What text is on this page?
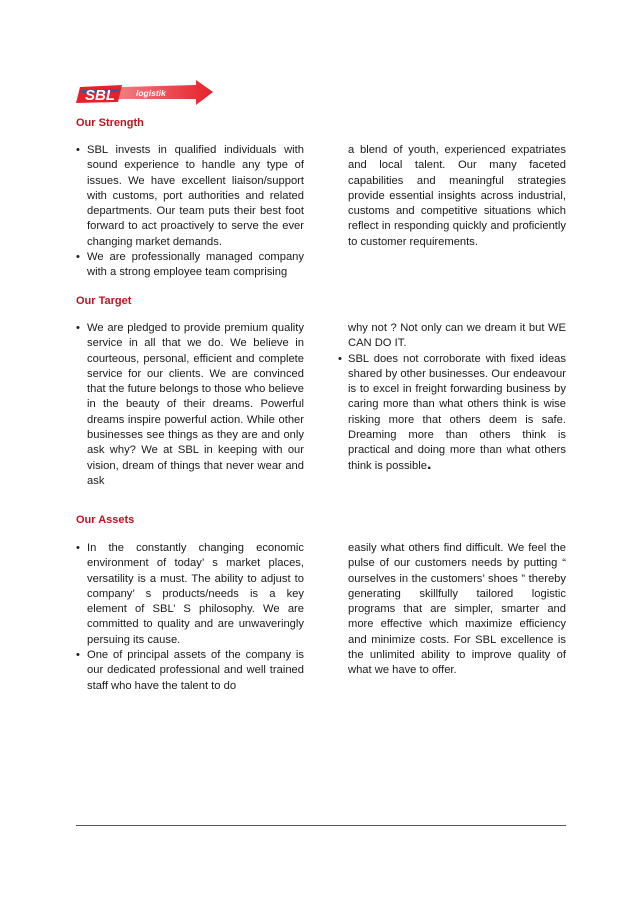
SBL logistik
Our Strength

• SBL invests in qualified individuals with sound experience to handle any type of issues. We have excellent liaison/support with customs, port authorities and related departments. Our team puts their best foot forward to act proactively to serve the ever changing market demands.

• We are professionally managed company with a strong employee team comprising

a blend of youth, experienced expatriates and local talent. Our many faceted capabilities and meaningful strategies provide essential insights across industrial, customs and competitive situations which reflect in responding quickly and proficiently to customer requirements.

Our Target

• We are pledged to provide premium quality service in all that we do. We believe in courteous, personal, efficient and complete service for our clients. We are convinced that the future belongs to those who believe in the beauty of their dreams. Powerful dreams inspire powerful action. While other businesses see things as they are and only ask why? We at SBL in keeping with our vision, dream of things that never wear and ask

why not ? Not only can we dream it but WE CAN DO IT.

• SBL does not corroborate with fixed ideas shared by other businesses. Our endeavour is to excel in freight forwarding business by caring more than what others think is wise risking more that others deem is safe. Dreaming more than others think is practical and doing more than what others think is possible.

Our Assets

• In the constantly changing economic environment of today’ s market places, versatility is a must. The ability to adjust to company’ s products/needs is a key element of SBL’ S philosophy. We are committed to quality and are unwaveringly persuing its cause.

• One of principal assets of the company is our dedicated professional and well trained staff who have the talent to do

easily what others find difficult. We feel the pulse of our customers needs by putting “ ourselves in the customers’ shoes ” thereby generating skillfully tailored logistic programs that are simpler, smarter and more effective which maximize efficiency and minimize costs. For SBL excellence is the unlimited ability to improve quality of what we have to offer.
